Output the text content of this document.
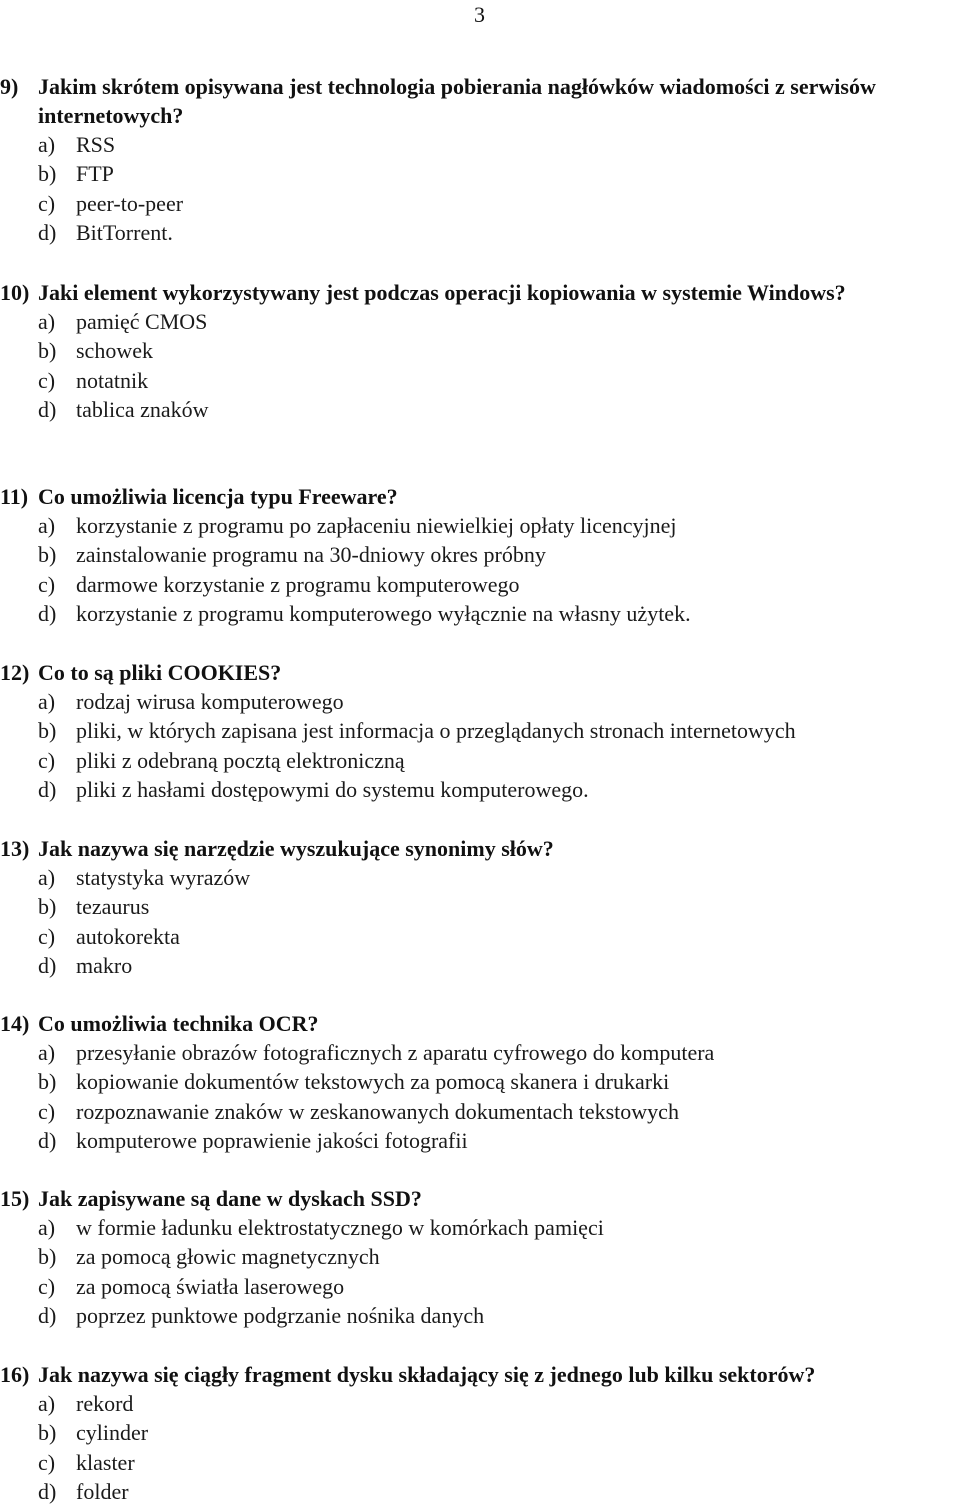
3
9) Jakim skrótem opisywana jest technologia pobierania nagłówków wiadomości z serwisów internetowych?
a) RSS
b) FTP
c) peer-to-peer
d) BitTorrent.
10) Jaki element wykorzystywany jest podczas operacji kopiowania w systemie Windows?
a) pamięć CMOS
b) schowek
c) notatnik
d) tablica znaków
11) Co umożliwia licencja typu Freeware?
a) korzystanie z programu po zapłaceniu niewielkiej opłaty licencyjnej
b) zainstalowanie programu na 30-dniowy okres próbny
c) darmowe korzystanie z programu komputerowego
d) korzystanie z programu komputerowego wyłącznie na własny użytek.
12) Co to są pliki COOKIES?
a) rodzaj wirusa komputerowego
b) pliki, w których zapisana jest informacja o przeglądanych stronach internetowych
c) pliki z odebraną pocztą elektroniczną
d) pliki z hasłami dostępowymi do systemu komputerowego.
13) Jak nazywa się narzędzie wyszukujące synonimy słów?
a) statystyka wyrazów
b) tezaurus
c) autokorekta
d) makro
14) Co umożliwia technika OCR?
a) przesyłanie obrazów fotograficznych z aparatu cyfrowego do komputera
b) kopiowanie dokumentów tekstowych za pomocą skanera i drukarki
c) rozpoznawanie znaków w zeskanowanych dokumentach tekstowych
d) komputerowe poprawienie jakości fotografii
15) Jak zapisywane są dane w dyskach SSD?
a) w formie ładunku elektrostatycznego w komórkach pamięci
b) za pomocą głowic magnetycznych
c) za pomocą światła laserowego
d) poprzez punktowe podgrzanie nośnika danych
16) Jak nazywa się ciągły fragment dysku składający się z jednego lub kilku sektorów?
a) rekord
b) cylinder
c) klaster
d) folder
